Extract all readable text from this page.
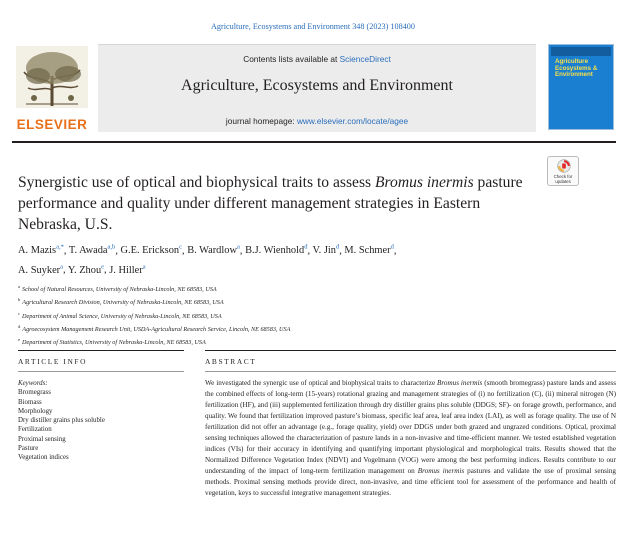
Agriculture, Ecosystems and Environment 348 (2023) 108400
ELSEVIER
Contents lists available at ScienceDirect
Agriculture, Ecosystems and Environment
journal homepage: www.elsevier.com/locate/agee
Agriculture Ecosystems & Environment
Synergistic use of optical and biophysical traits to assess Bromus inermis pasture performance and quality under different management strategies in Eastern Nebraska, U.S.
Check for updates
A. Mazis$^{a,*}$, T. Awada$^{a,b}$, G.E. Erickson$^c$, B. Wardlow$^a$, B.J. Wienhold$^d$, V. Jin$^d$, M. Schmer$^d$,
A. Suyker$^a$, Y. Zhou$^e$, J. Hiller$^a$
$^a$ School of Natural Resources, University of Nebraska-Lincoln, NE 68583, USA
$^b$ Agricultural Research Division, University of Nebraska-Lincoln, NE 68583, USA
$^c$ Department of Animal Science, University of Nebraska-Lincoln, NE 68583, USA
$^d$ Agroecosystem Management Research Unit, USDA-Agricultural Research Service, Lincoln, NE 68583, USA
$^e$ Department of Statistics, University of Nebraska-Lincoln, NE 68583, USA
ARTICLE INFO	ABSTRACT
Keywords:
Bromegrass
Biomass
Morphology
Dry distiller grains plus soluble
Fertilization
Proximal sensing
Pasture
Vegetation indices
We investigated the synergic use of optical and biophysical traits to characterize Bromus inermis (smooth bromegrass) pasture lands and assess the combined effects of long-term (15-years) rotational grazing and management strategies of (i) no fertilization (C), (ii) mineral nitrogen (N) fertilization (HF), and (iii) supplemented fertilization through dry distiller grains plus soluble (DDGS; SF)- on forage growth, performance, and quality. We found that fertilization improved pasture’s biomass, specific leaf area, leaf area index (LAI), as well as forage quality. The use of N fertilization did not offer an advantage (e.g., forage quality, yield) over DDGS under both grazed and ungrazed conditions. Optical, proximal sensing techniques allowed the characterization of pasture lands in a non-invasive and time-efficient manner. We tested established vegetation indices (VIs) for their accuracy in identifying and quantifying important physiological and morphological traits. Results showed that the Normalized Difference Vegetation Index (NDVI) and Vogelmann (VOG) were among the best performing indices. Results contribute to our understanding of the impact of long-term fertilization management on Bromus inermis pastures and validate the use of proximal sensing methods. Proximal sensing methods provide direct, non-invasive, and time efficient tool for assessment of the performance and health of vegetation, keys to successful integrative management strategies.
